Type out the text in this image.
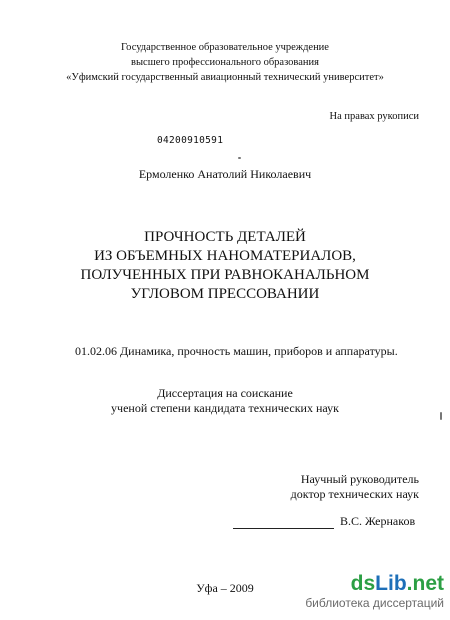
Государственное образовательное учреждение
высшего профессионального образования
«Уфимский государственный авиационный технический университет»
На правах рукописи
04200910591
Ермоленко Анатолий Николаевич
ПРОЧНОСТЬ ДЕТАЛЕЙ
ИЗ ОБЪЕМНЫХ НАНОМАТЕРИАЛОВ,
ПОЛУЧЕННЫХ ПРИ РАВНОКАНАЛЬНОМ
УГЛОВОМ ПРЕССОВАНИИ
01.02.06 Динамика, прочность машин, приборов и аппаратуры.
Диссертация на соискание
ученой степени кандидата технических наук
Научный руководитель
доктор технических наук
В.С. Жернаков
Уфа – 2009	dsLib.net
библиотека диссертаций
